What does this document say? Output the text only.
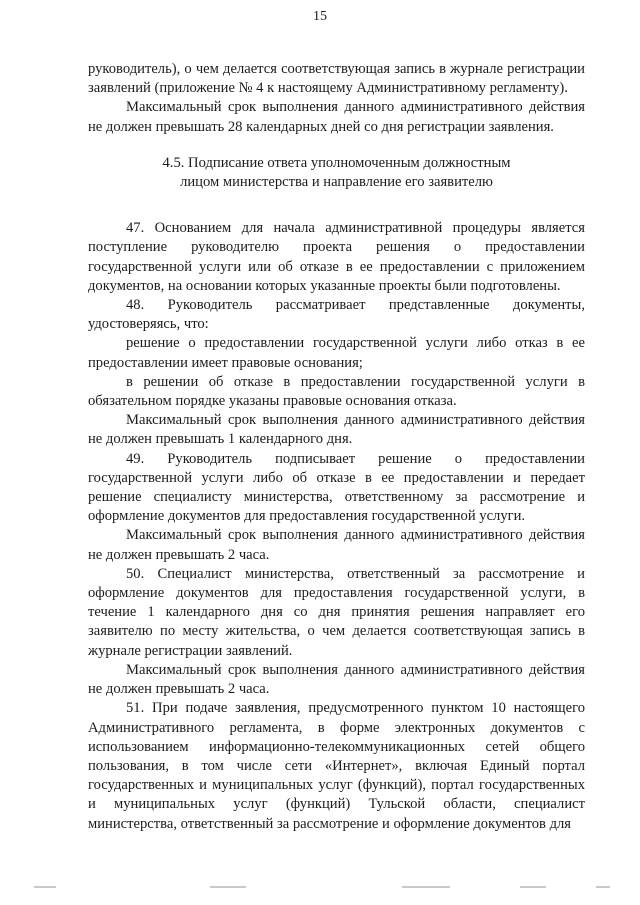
15

руководитель), о чем делается соответствующая запись в журнале регистрации заявлений (приложение № 4 к настоящему Административному регламенту).

Максимальный срок выполнения данного административного действия не должен превышать 28 календарных дней со дня регистрации заявления.

4.5. Подписание ответа уполномоченным должностным
лицом министерства и направление его заявителю

47. Основанием для начала административной процедуры является поступление руководителю проекта решения о предоставлении государственной услуги или об отказе в ее предоставлении с приложением документов, на основании которых указанные проекты были подготовлены.

48. Руководитель рассматривает представленные документы, удостоверяясь, что:

решение о предоставлении государственной услуги либо отказ в ее предоставлении имеет правовые основания;

в решении об отказе в предоставлении государственной услуги в обязательном порядке указаны правовые основания отказа.

Максимальный срок выполнения данного административного действия не должен превышать 1 календарного дня.

49. Руководитель подписывает решение о предоставлении государственной услуги либо об отказе в ее предоставлении и передает решение специалисту министерства, ответственному за рассмотрение и оформление документов для предоставления государственной услуги.

Максимальный срок выполнения данного административного действия не должен превышать 2 часа.

50. Специалист министерства, ответственный за рассмотрение и оформление документов для предоставления государственной услуги, в течение 1 календарного дня со дня принятия решения направляет его заявителю по месту жительства, о чем делается соответствующая запись в журнале регистрации заявлений.

Максимальный срок выполнения данного административного действия не должен превышать 2 часа.

51. При подаче заявления, предусмотренного пунктом 10 настоящего Административного регламента, в форме электронных документов с использованием информационно-телекоммуникационных сетей общего пользования, в том числе сети «Интернет», включая Единый портал государственных и муниципальных услуг (функций), портал государственных и муниципальных услуг (функций) Тульской области, специалист министерства, ответственный за рассмотрение и оформление документов для
